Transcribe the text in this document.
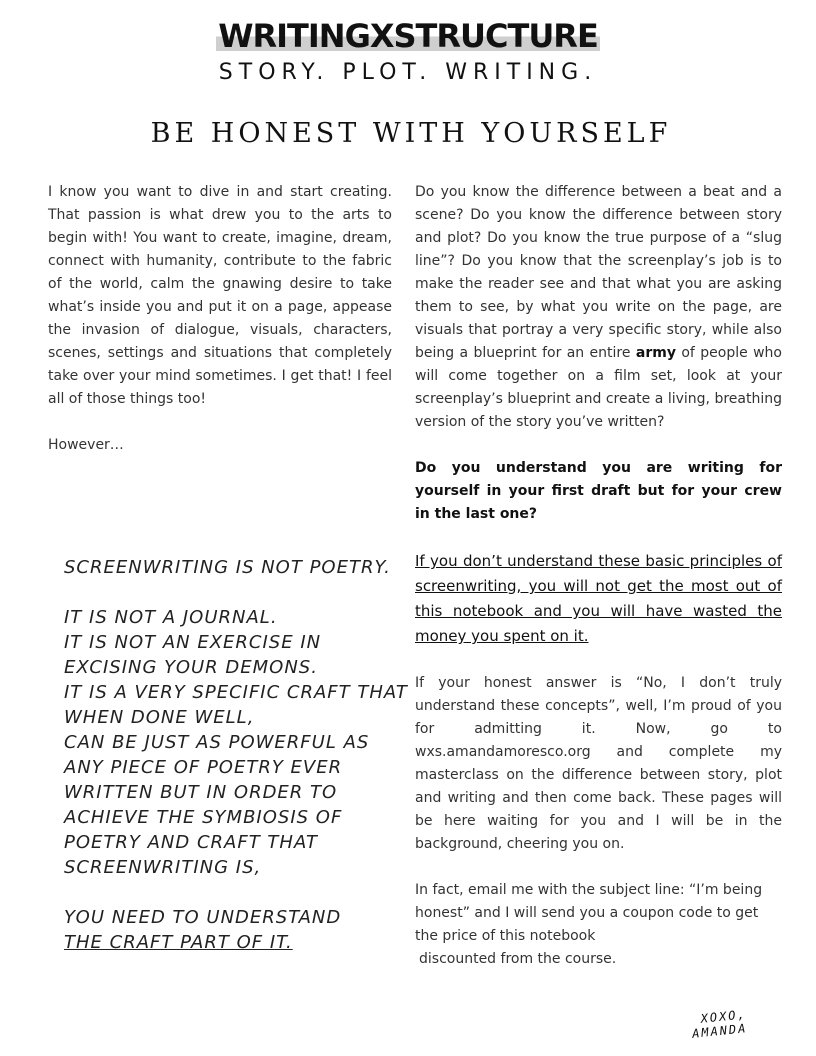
WRITINGXSTRUCTURE
STORY. PLOT. WRITING.
BE HONEST WITH YOURSELF

I know you want to dive in and start creating. That passion is what drew you to the arts to begin with! You want to create, imagine, dream, connect with humanity, contribute to the fabric of the world, calm the gnawing desire to take what’s inside you and put it on a page, appease the invasion of dialogue, visuals, characters, scenes, settings and situations that completely take over your mind sometimes. I get that! I feel all of those things too!

However…

SCREENWRITING IS NOT POETRY.
IT IS NOT A JOURNAL.
IT IS NOT AN EXERCISE IN EXCISING YOUR DEMONS.
IT IS A VERY SPECIFIC CRAFT THAT WHEN DONE WELL,
CAN BE JUST AS POWERFUL AS ANY PIECE OF POETRY EVER WRITTEN BUT IN ORDER TO ACHIEVE THE SYMBIOSIS OF POETRY AND CRAFT THAT SCREENWRITING IS,
YOU NEED TO UNDERSTAND
THE CRAFT PART OF IT.

Do you know the difference between a beat and a scene? Do you know the difference between story and plot? Do you know the true purpose of a “slug line”? Do you know that the screenplay’s job is to make the reader see and that what you are asking them to see, by what you write on the page, are visuals that portray a very specific story, while also being a blueprint for an entire army of people who will come together on a film set, look at your screenplay’s blueprint and create a living, breathing version of the story you’ve written?

Do you understand you are writing for yourself in your first draft but for your crew in the last one?

If you don’t understand these basic principles of screenwriting, you will not get the most out of this notebook and you will have wasted the money you spent on it.

If your honest answer is “No, I don’t truly understand these concepts”, well, I’m proud of you for admitting it. Now, go to wxs.amandamoresco.org and complete my masterclass on the difference between story, plot and writing and then come back. These pages will be here waiting for you and I will be in the background, cheering you on.

In fact, email me with the subject line: “I’m being honest” and I will send you a coupon code to get the price of this notebook
discounted from the course.

XOXO,
AMANDA
